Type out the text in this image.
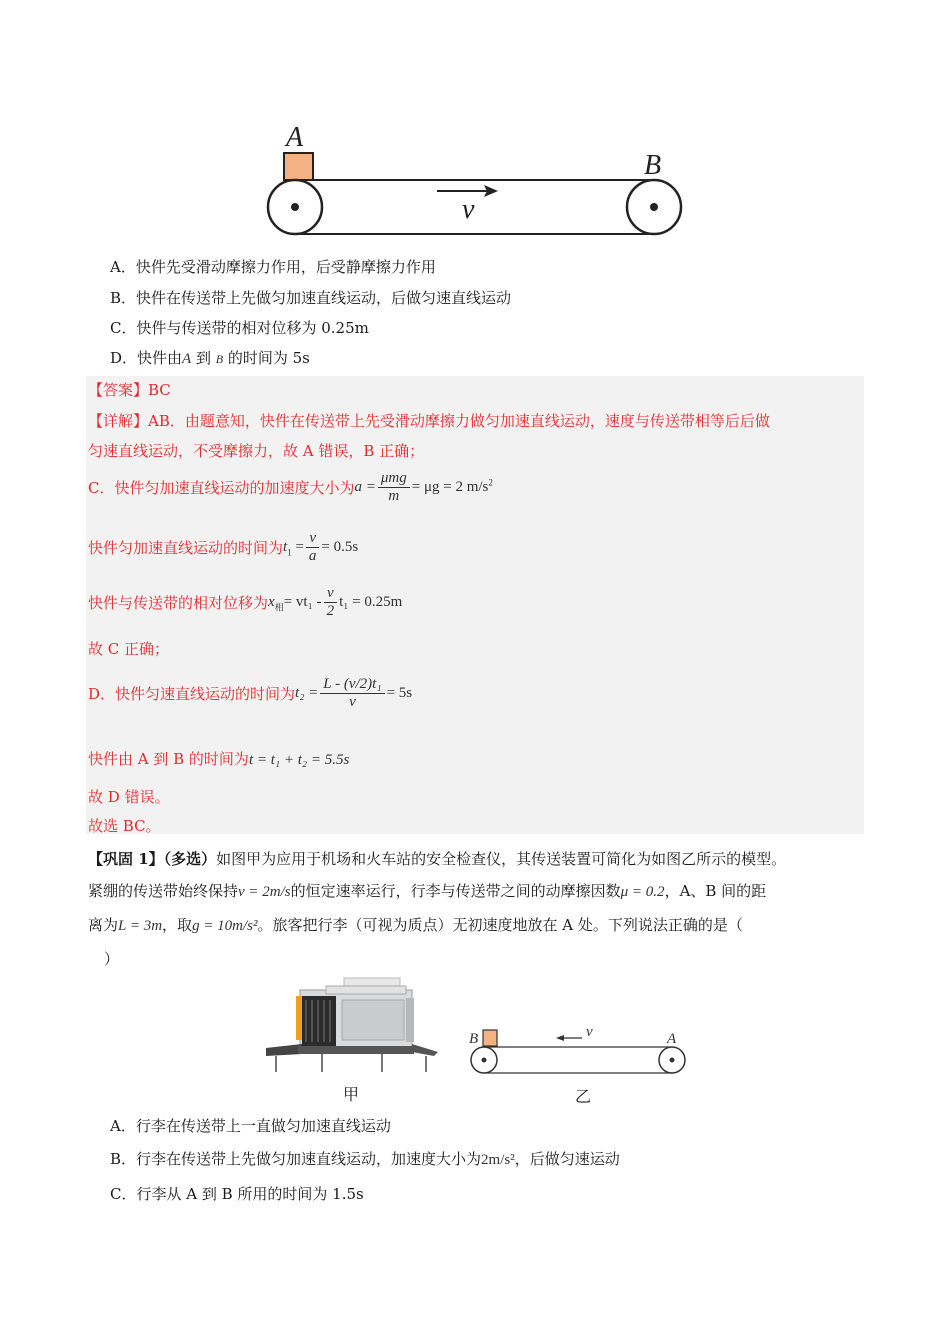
A
B
v
A．快件先受滑动摩擦力作用，后受静摩擦力作用
B．快件在传送带上先做匀加速直线运动，后做匀速直线运动
C．快件与传送带的相对位移为 0.25m
D．快件由A 到 B 的时间为 5s
【答案】BC
【详解】AB．由题意知，快件在传送带上先受滑动摩擦力做匀加速直线运动，速度与传送带相等后后做
匀速直线运动，不受摩擦力，故 A 错误，B 正确；
C．快件匀加速直线运动的加速度大小为$a = \frac{\text{μmg}}{m} = \mu g = 2$ $m/s^2$
快件匀加速直线运动的时间为$t_1 = \frac{v}{a} = 0.5s$
快件与传送带的相对位移为$x_相= vt_1 - \frac{v}{2} t_1 = 0.25m$
故 C 正确；
D．快件匀速直线运动的时间为$t_2 = \frac{\text{L - (v/2)t₁}}{v} = 5s$
快件由 A 到 B 的时间为t = t₁ + t₂ = 5.5s
故 D 错误。
故选 BC。
【巩固 1】（多选）如图甲为应用于机场和火车站的安全检查仪，其传送装置可简化为如图乙所示的模型。
紧绷的传送带始终保持v = 2m/s的恒定速率运行，行李与传送带之间的动摩擦因数μ = 0.2，A、B 间的距
离为L = 3m，取g = 10m/s²。旅客把行李（可视为质点）无初速度地放在 A 处。下列说法正确的是（
）
甲
B	A
v
乙
A．行李在传送带上一直做匀加速直线运动
B．行李在传送带上先做匀加速直线运动，加速度大小为2m/s²，后做匀速运动
C．行李从 A 到 B 所用的时间为 1.5s
